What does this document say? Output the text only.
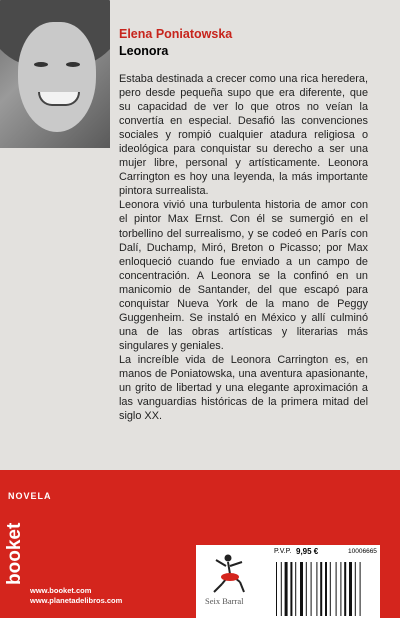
Elena Poniatowska
Leonora

Estaba destinada a crecer como una rica heredera, pero desde pequeña supo que era diferente, que su capacidad de ver lo que otros no veían la convertía en especial. Desafió las convenciones sociales y rompió cualquier atadura religiosa o ideológica para conquistar su derecho a ser una mujer libre, personal y artísticamente. Leonora Carrington es hoy una leyenda, la más importante pintora surrealista.

Leonora vivió una turbulenta historia de amor con el pintor Max Ernst. Con él se sumergió en el torbellino del surrealismo, y se codeó en París con Dalí, Duchamp, Miró, Breton o Picasso; por Max enloqueció cuando fue enviado a un campo de concentración. A Leonora se la confinó en un manicomio de Santander, del que escapó para conquistar Nueva York de la mano de Peggy Guggenheim. Se instaló en México y allí culminó una de las obras artísticas y literarias más singulares y geniales.

La increíble vida de Leonora Carrington es, en manos de Poniatowska, una aventura apasionante, un grito de libertad y una elegante aproximación a las vanguardias históricas de la primera mitad del siglo XX.

NOVELA
booket
www.booket.com
www.planetadelibros.com	Seix Barral
P.V.P. 9,95 €	10006665
